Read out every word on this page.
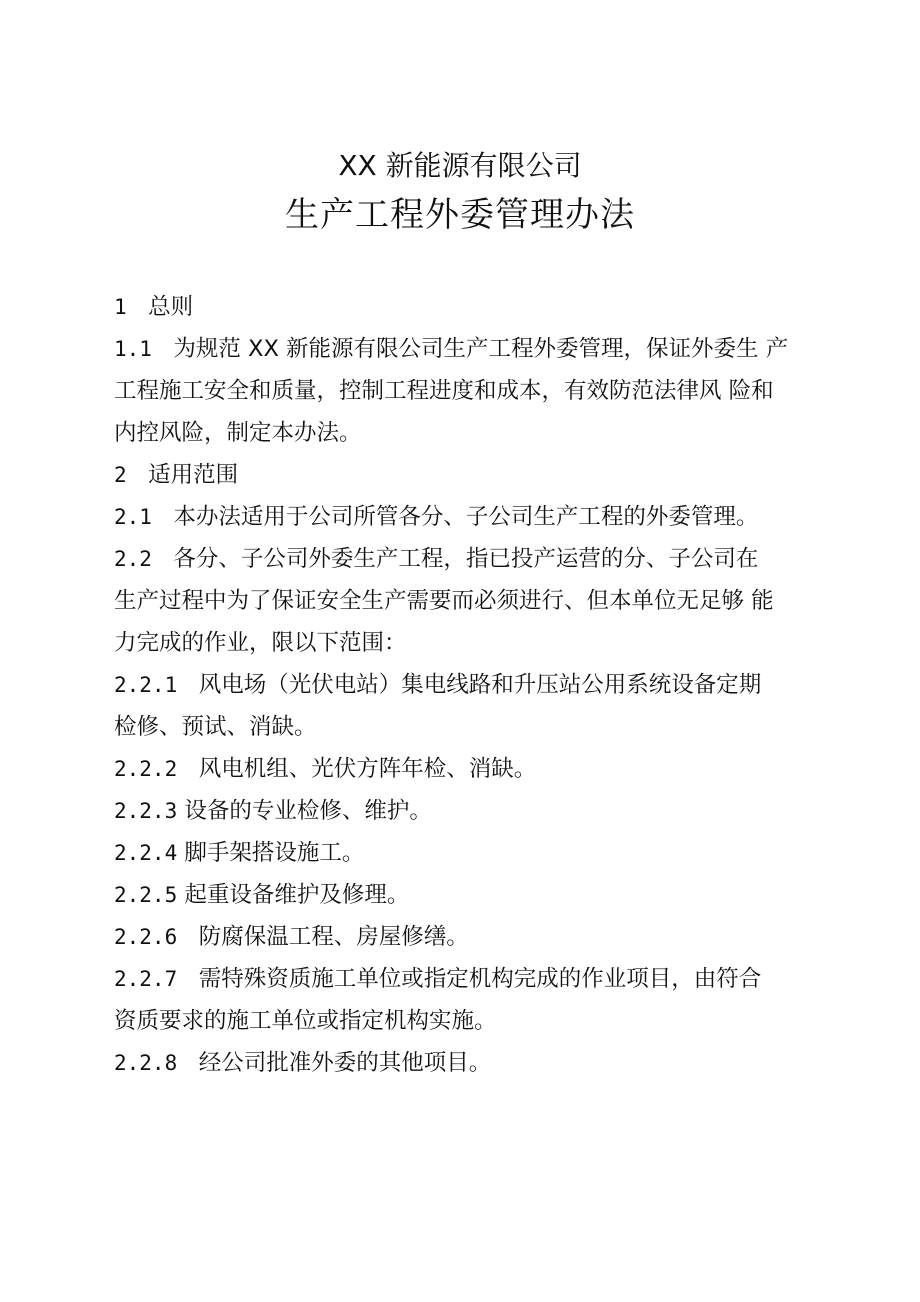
XX 新能源有限公司
生产工程外委管理办法
1 总则
1.1 为规范 XX 新能源有限公司生产工程外委管理，保证外委生 产
工程施工安全和质量，控制工程进度和成本，有效防范法律风 险和
内控风险，制定本办法。
2 适用范围
2.1 本办法适用于公司所管各分、子公司生产工程的外委管理。
2.2 各分、子公司外委生产工程，指已投产运营的分、子公司在
生产过程中为了保证安全生产需要而必须进行、但本单位无足够 能
力完成的作业，限以下范围：
2.2.1 风电场（光伏电站）集电线路和升压站公用系统设备定期
检修、预试、消缺。
2.2.2 风电机组、光伏方阵年检、消缺。
2.2.3 设备的专业检修、维护。
2.2.4 脚手架搭设施工。
2.2.5 起重设备维护及修理。
2.2.6 防腐保温工程、房屋修缮。
2.2.7 需特殊资质施工单位或指定机构完成的作业项目，由符合
资质要求的施工单位或指定机构实施。
2.2.8 经公司批准外委的其他项目。
